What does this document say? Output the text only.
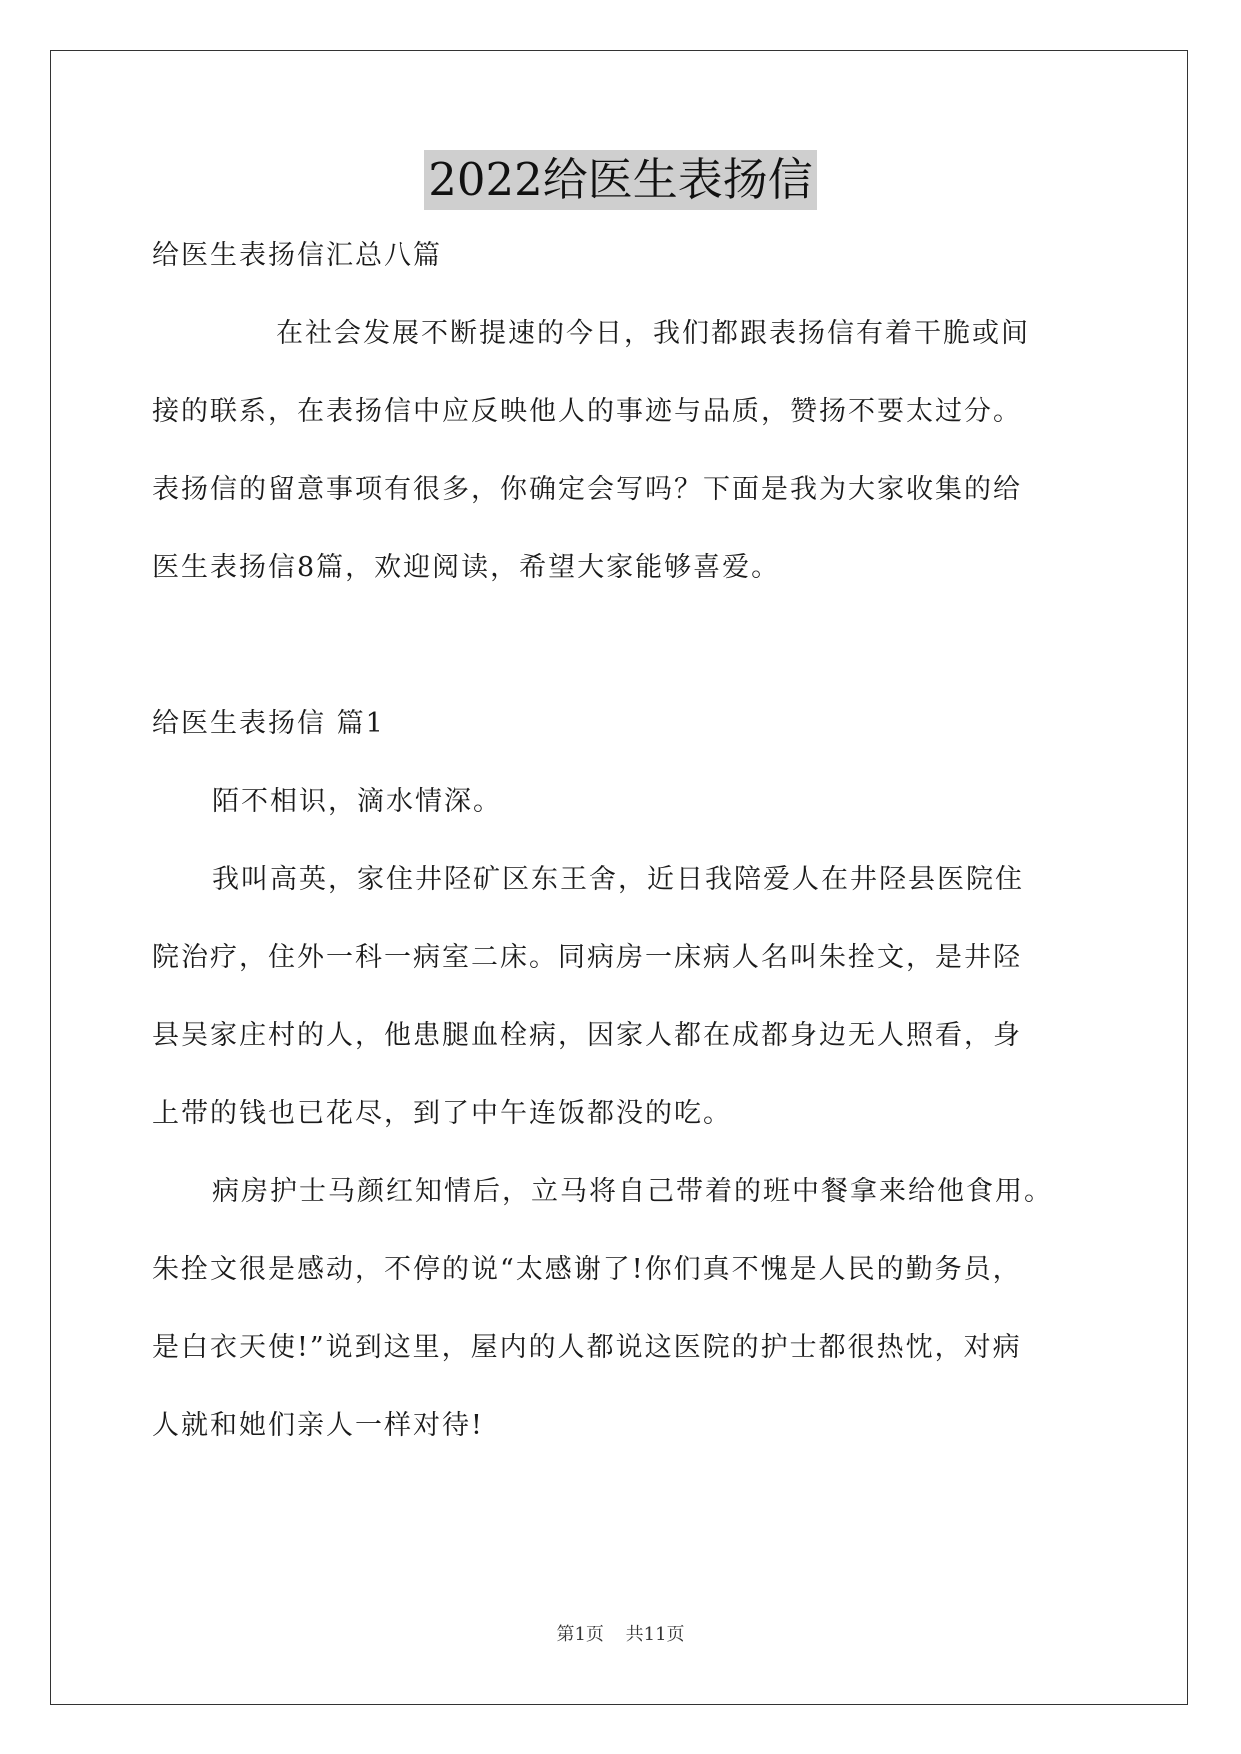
2022给医生表扬信
给医生表扬信汇总八篇
在社会发展不断提速的今日，我们都跟表扬信有着干脆或间
接的联系，在表扬信中应反映他人的事迹与品质，赞扬不要太过分。
表扬信的留意事项有很多，你确定会写吗？下面是我为大家收集的给
医生表扬信8篇，欢迎阅读，希望大家能够喜爱。
给医生表扬信 篇1
陌不相识，滴水情深。
我叫高英，家住井陉矿区东王舍，近日我陪爱人在井陉县医院住
院治疗，住外一科一病室二床。同病房一床病人名叫朱拴文，是井陉
县吴家庄村的人，他患腿血栓病，因家人都在成都身边无人照看，身
上带的钱也已花尽，到了中午连饭都没的吃。
病房护士马颜红知情后，立马将自己带着的班中餐拿来给他食用。
朱拴文很是感动，不停的说“太感谢了!你们真不愧是人民的勤务员，
是白衣天使!”说到这里，屋内的人都说这医院的护士都很热忱，对病
人就和她们亲人一样对待!
第1页 共11页
